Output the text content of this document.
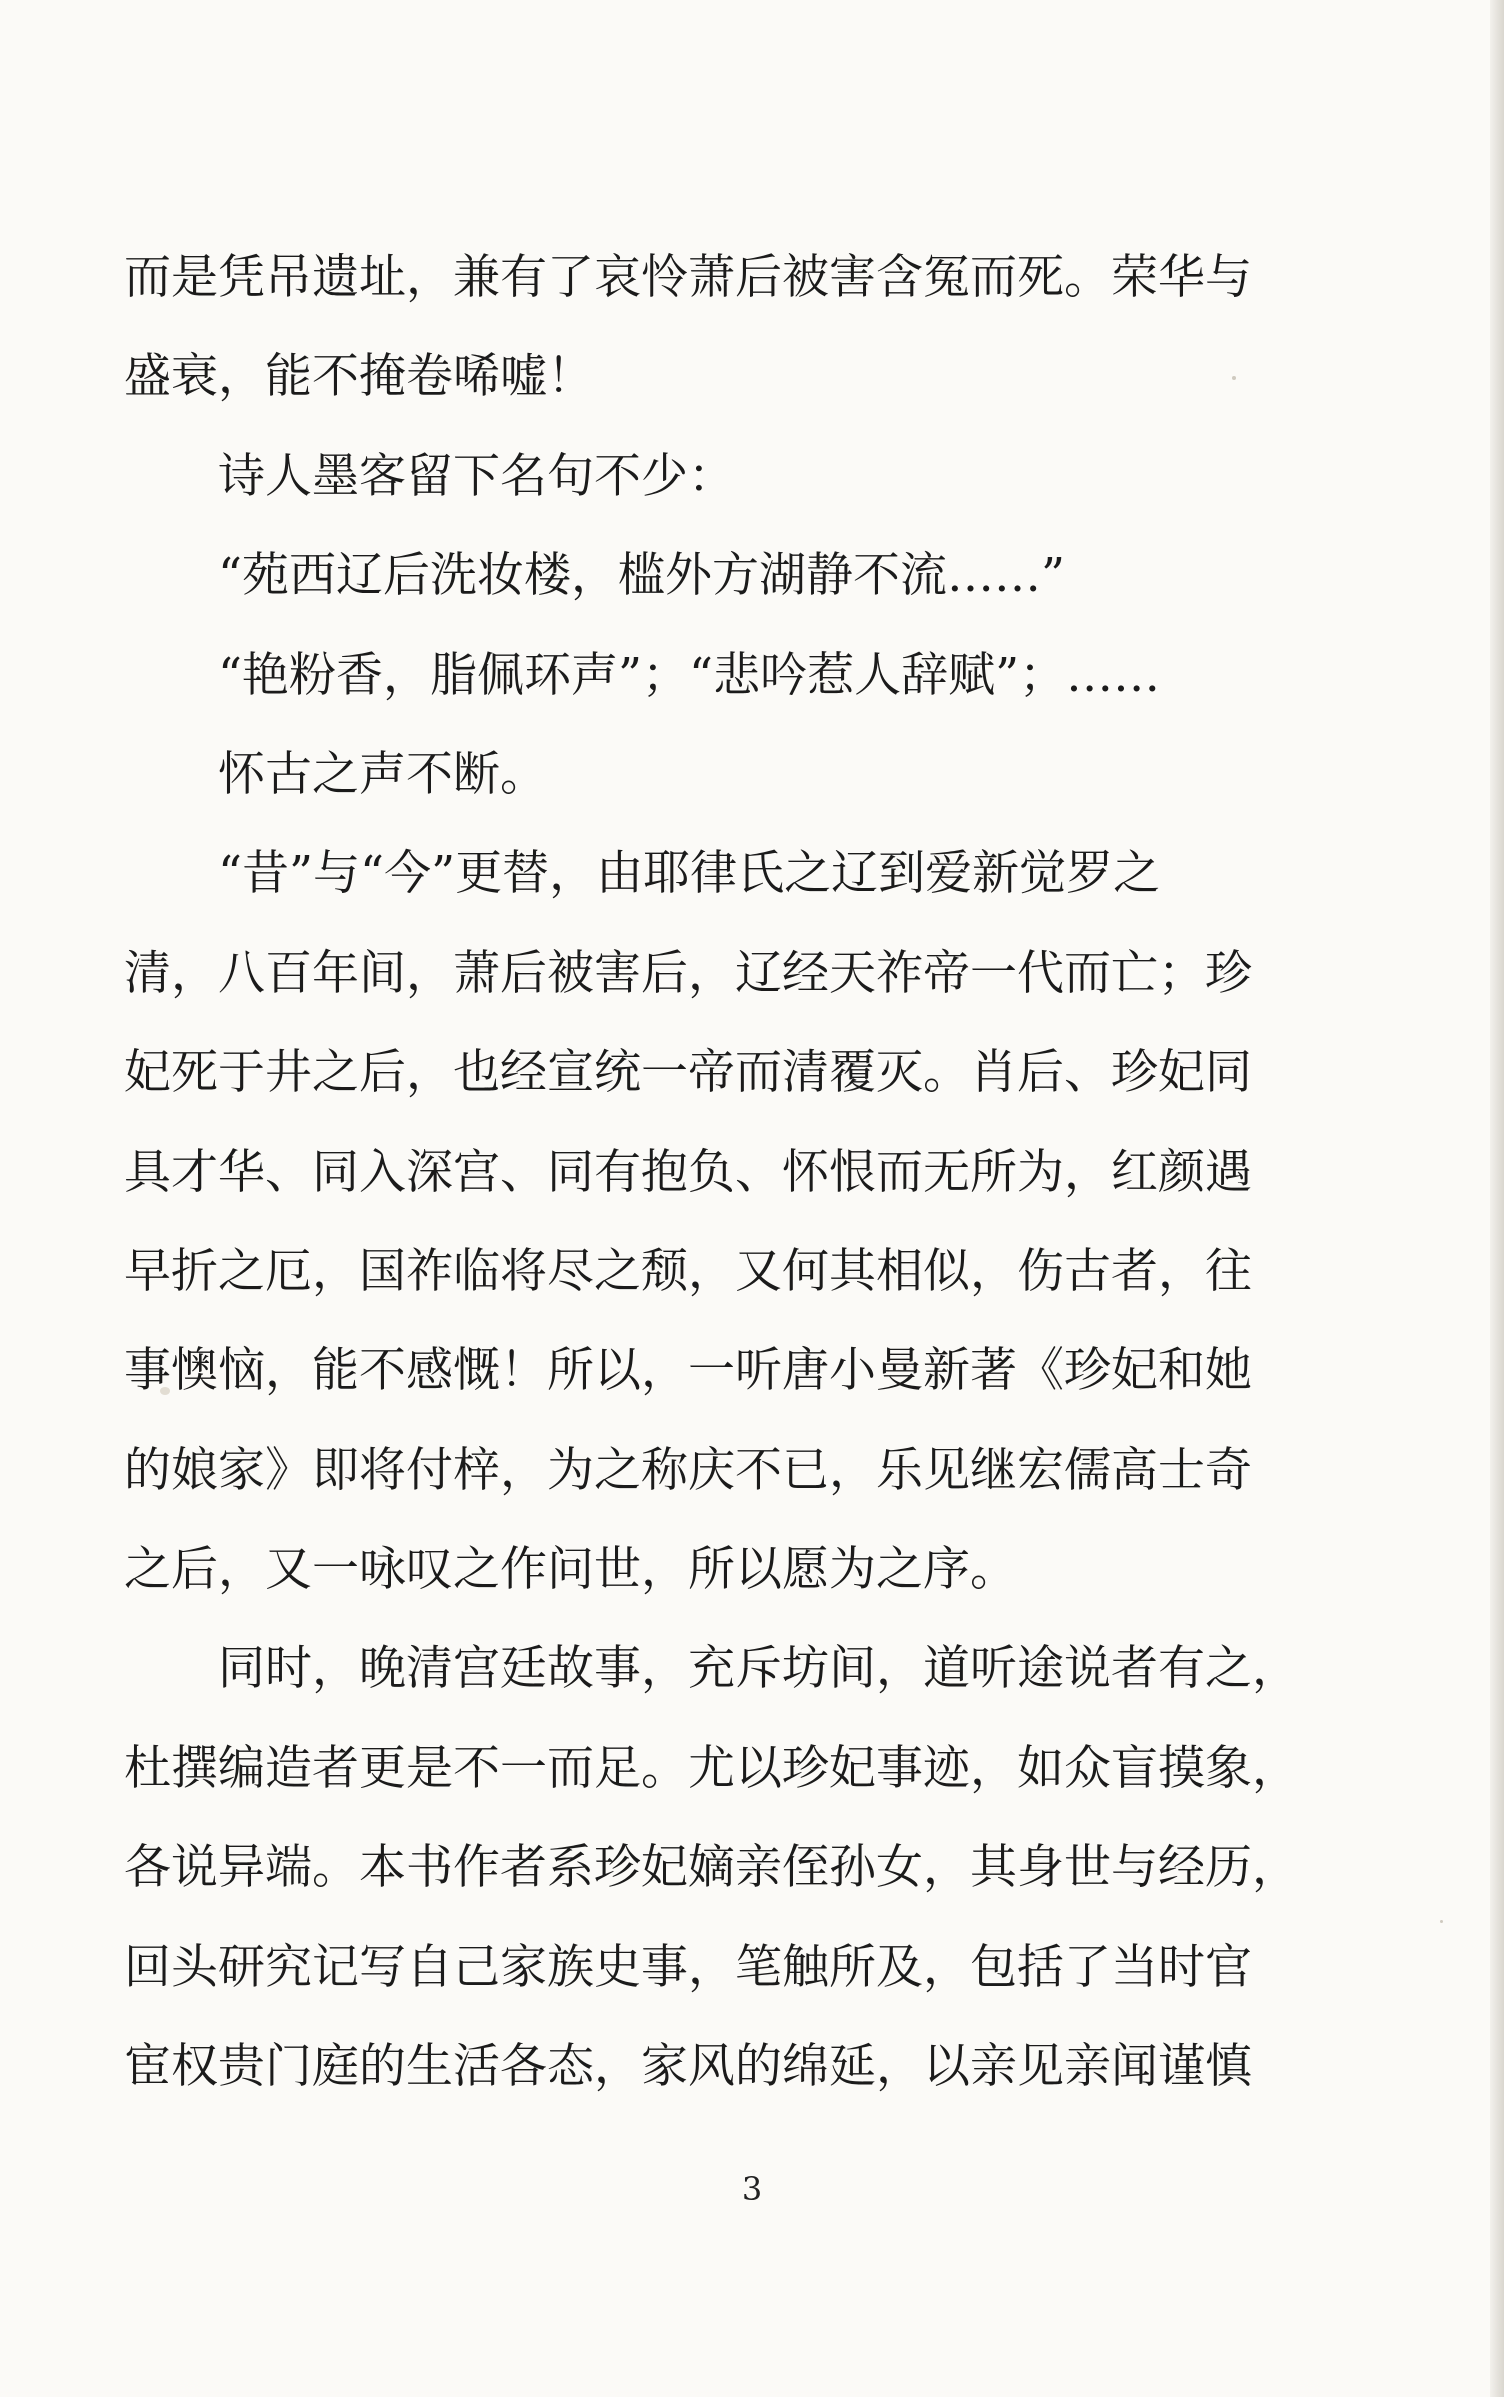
而是凭吊遗址，兼有了哀怜萧后被害含冤而死。荣华与
盛衰，能不掩卷唏嘘！
　　诗人墨客留下名句不少：
　　“苑西辽后洗妆楼，槛外方湖静不流……”
　　“艳粉香，脂佩环声”；“悲吟惹人辞赋”；……
　　怀古之声不断。
　　“昔”与“今”更替，由耶律氏之辽到爱新觉罗之
清，八百年间，萧后被害后，辽经天祚帝一代而亡；珍
妃死于井之后，也经宣统一帝而清覆灭。肖后、珍妃同
具才华、同入深宫、同有抱负、怀恨而无所为，红颜遇
早折之厄，国祚临将尽之颓，又何其相似，伤古者，往
事懊恼，能不感慨！所以，一听唐小曼新著《珍妃和她
的娘家》即将付梓，为之称庆不已，乐见继宏儒高士奇
之后，又一咏叹之作问世，所以愿为之序。
　　同时，晚清宫廷故事，充斥坊间，道听途说者有之，
杜撰编造者更是不一而足。尤以珍妃事迹，如众盲摸象，
各说异端。本书作者系珍妃嫡亲侄孙女，其身世与经历，
回头研究记写自己家族史事，笔触所及，包括了当时官
宦权贵门庭的生活各态，家风的绵延，以亲见亲闻谨慎
3
